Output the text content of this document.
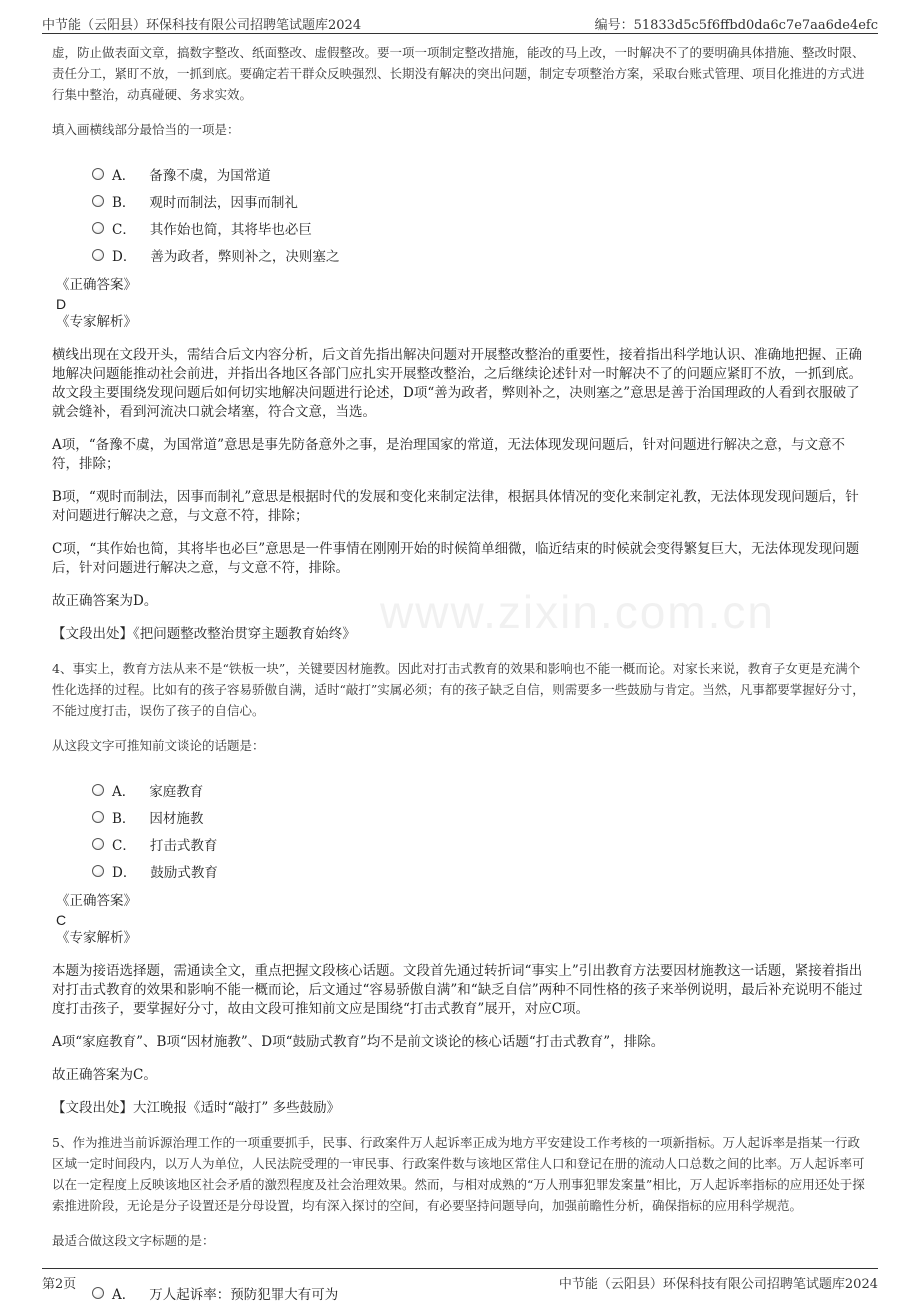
中节能（云阳县）环保科技有限公司招聘笔试题库2024	编号：51833d5c5f6ffbd0da6c7e7aa6de4efc
www.zixin.com.cn

虚，防止做表面文章，搞数字整改、纸面整改、虚假整改。要一项一项制定整改措施，能改的马上改，一时解决不了的要明确具体措施、整改时限、责任分工，紧盯不放，一抓到底。要确定若干群众反映强烈、长期没有解决的突出问题，制定专项整治方案，采取台账式管理、项目化推进的方式进行集中整治，动真碰硬、务求实效。

填入画横线部分最恰当的一项是：

A． 备豫不虞，为国常道
B． 观时而制法，因事而制礼
C． 其作始也简，其将毕也必巨
D． 善为政者，弊则补之，决则塞之
《正确答案》
D
《专家解析》

横线出现在文段开头，需结合后文内容分析，后文首先指出解决问题对开展整改整治的重要性，接着指出科学地认识、准确地把握、正确地解决问题能推动社会前进，并指出各地区各部门应扎实开展整改整治，之后继续论述针对一时解决不了的问题应紧盯不放，一抓到底。故文段主要围绕发现问题后如何切实地解决问题进行论述，D项“善为政者，弊则补之，决则塞之”意思是善于治国理政的人看到衣服破了就会缝补，看到河流决口就会堵塞，符合文意，当选。

A项，“备豫不虞，为国常道”意思是事先防备意外之事，是治理国家的常道，无法体现发现问题后，针对问题进行解决之意，与文意不符，排除；

B项，“观时而制法，因事而制礼”意思是根据时代的发展和变化来制定法律，根据具体情况的变化来制定礼教，无法体现发现问题后，针对问题进行解决之意，与文意不符，排除；

C项，“其作始也简，其将毕也必巨”意思是一件事情在刚刚开始的时候简单细微，临近结束的时候就会变得繁复巨大，无法体现发现问题后，针对问题进行解决之意，与文意不符，排除。

故正确答案为D。

【文段出处】《把问题整改整治贯穿主题教育始终》

4、事实上，教育方法从来不是“铁板一块”，关键要因材施教。因此对打击式教育的效果和影响也不能一概而论。对家长来说，教育子女更是充满个性化选择的过程。比如有的孩子容易骄傲自满，适时“敲打”实属必须；有的孩子缺乏自信，则需要多一些鼓励与肯定。当然，凡事都要掌握好分寸，不能过度打击，误伤了孩子的自信心。

从这段文字可推知前文谈论的话题是：

A． 家庭教育
B． 因材施教
C． 打击式教育
D． 鼓励式教育
《正确答案》
C
《专家解析》

本题为接语选择题，需通读全文，重点把握文段核心话题。文段首先通过转折词“事实上”引出教育方法要因材施教这一话题，紧接着指出对打击式教育的效果和影响不能一概而论，后文通过“容易骄傲自满”和“缺乏自信”两种不同性格的孩子来举例说明，最后补充说明不能过度打击孩子，要掌握好分寸，故由文段可推知前文应是围绕“打击式教育”展开，对应C项。

A项“家庭教育”、B项“因材施教”、D项“鼓励式教育”均不是前文谈论的核心话题“打击式教育”，排除。

故正确答案为C。

【文段出处】大江晚报《适时“敲打” 多些鼓励》

5、作为推进当前诉源治理工作的一项重要抓手，民事、行政案件万人起诉率正成为地方平安建设工作考核的一项新指标。万人起诉率是指某一行政区域一定时间段内，以万人为单位，人民法院受理的一审民事、行政案件数与该地区常住人口和登记在册的流动人口总数之间的比率。万人起诉率可以在一定程度上反映该地区社会矛盾的激烈程度及社会治理效果。然而，与相对成熟的“万人刑事犯罪发案量”相比，万人起诉率指标的应用还处于探索推进阶段，无论是分子设置还是分母设置，均有深入探讨的空间，有必要坚持问题导向，加强前瞻性分析，确保指标的应用科学规范。

最适合做这段文字标题的是：

A． 万人起诉率：预防犯罪大有可为
第2页	中节能（云阳县）环保科技有限公司招聘笔试题库2024
